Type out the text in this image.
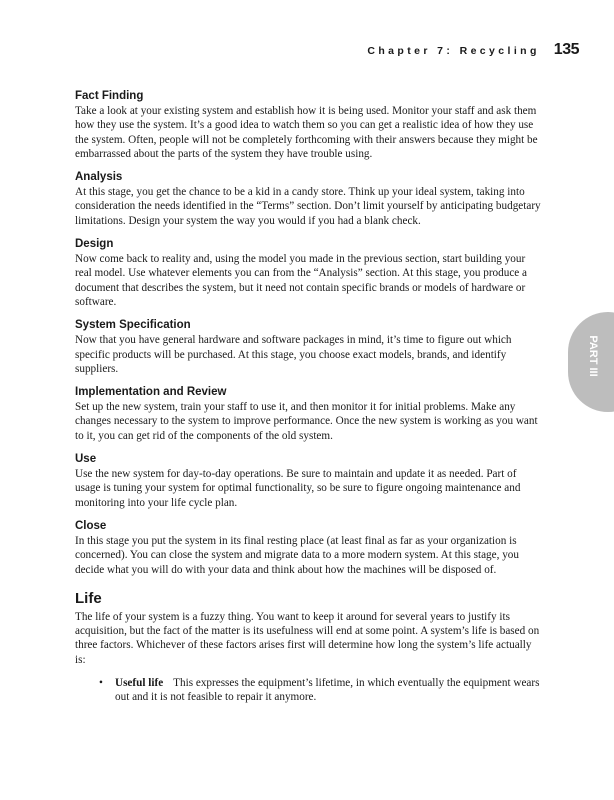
Chapter 7: Recycling 135
PART III
Fact Finding

Take a look at your existing system and establish how it is being used. Monitor your staff and ask them how they use the system. It’s a good idea to watch them so you can get a realistic idea of how they use the system. Often, people will not be completely forthcoming with their answers because they might be embarrassed about the parts of the system they have trouble using.

Analysis

At this stage, you get the chance to be a kid in a candy store. Think up your ideal system, taking into consideration the needs identified in the “Terms” section. Don’t limit yourself by anticipating budgetary limitations. Design your system the way you would if you had a blank check.

Design

Now come back to reality and, using the model you made in the previous section, start building your real model. Use whatever elements you can from the “Analysis” section. At this stage, you produce a document that describes the system, but it need not contain specific brands or models of hardware or software.

System Specification

Now that you have general hardware and software packages in mind, it’s time to figure out which specific products will be purchased. At this stage, you choose exact models, brands, and identify suppliers.

Implementation and Review

Set up the new system, train your staff to use it, and then monitor it for initial problems. Make any changes necessary to the system to improve performance. Once the new system is working as you want to it, you can get rid of the components of the old system.

Use

Use the new system for day-to-day operations. Be sure to maintain and update it as needed. Part of usage is tuning your system for optimal functionality, so be sure to figure ongoing maintenance and monitoring into your life cycle plan.

Close

In this stage you put the system in its final resting place (at least final as far as your organization is concerned). You can close the system and migrate data to a more modern system. At this stage, you decide what you will do with your data and think about how the machines will be disposed of.

Life

The life of your system is a fuzzy thing. You want to keep it around for several years to justify its acquisition, but the fact of the matter is its usefulness will end at some point. A system’s life is based on three factors. Whichever of these factors arises first will determine how long the system’s life actually is:

•	Useful life This expresses the equipment’s lifetime, in which eventually the equipment wears out and it is not feasible to repair it anymore.
